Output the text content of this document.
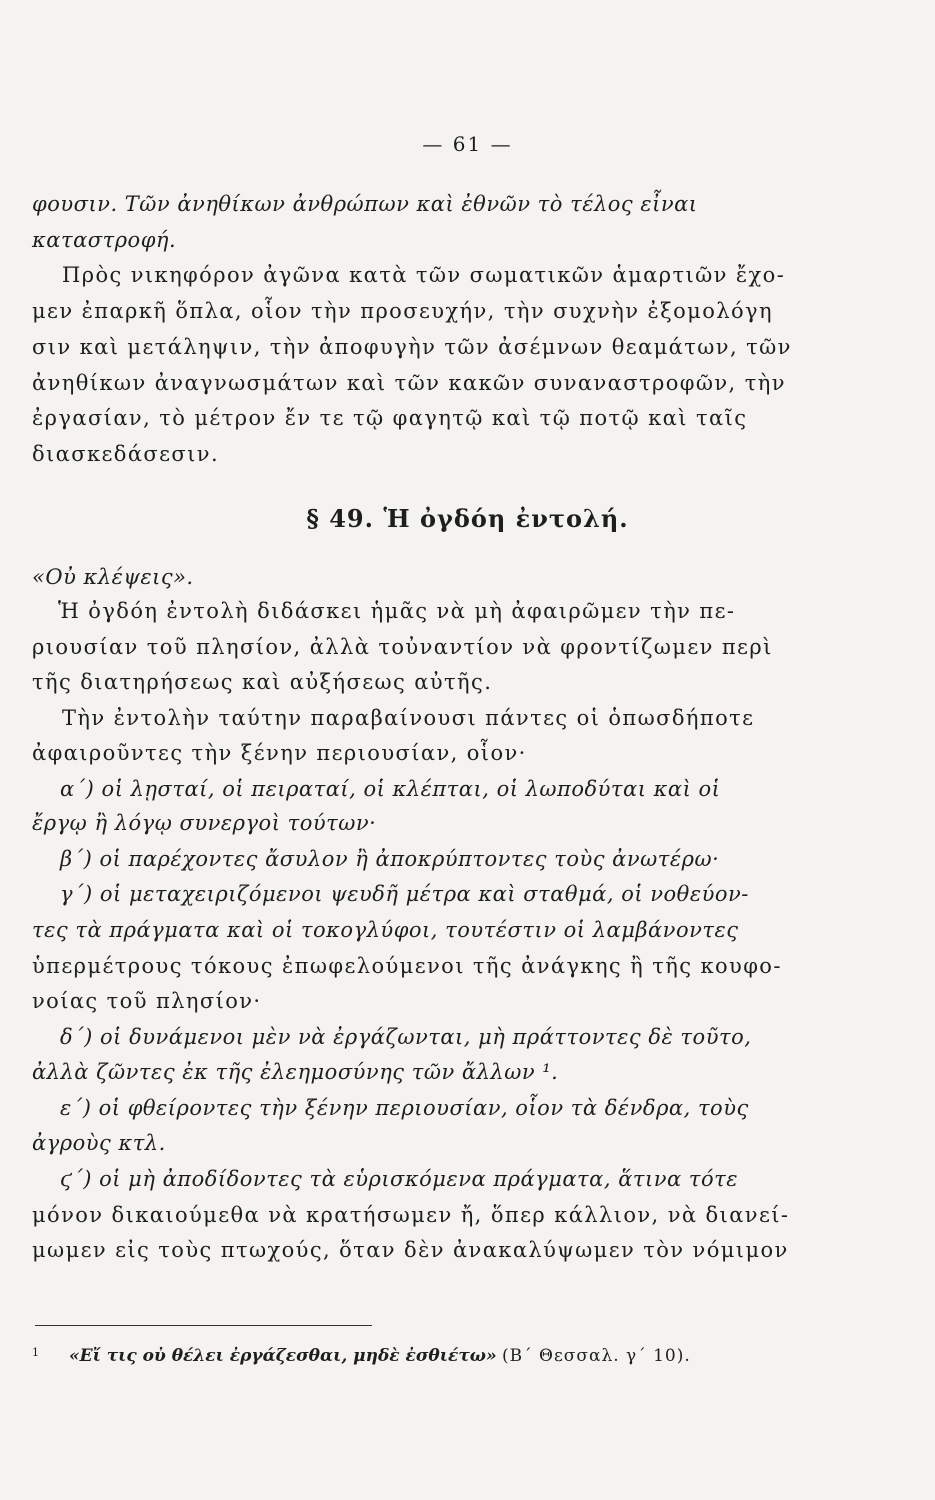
— 61 —
φουσιν. Τῶν ἀνηθίκων ἀνθρώπων καὶ ἐθνῶν τὸ τέλος εἶναι
καταστροφή.
Πρὸς νικηφόρον ἀγῶνα κατὰ τῶν σωματικῶν ἁμαρτιῶν ἔχο-
μεν ἐπαρκῆ ὅπλα, οἷον τὴν προσευχήν, τὴν συχνὴν ἐξομολόγη
σιν καὶ μετάληψιν, τὴν ἀποφυγὴν τῶν ἀσέμνων θεαμάτων, τῶν
ἀνηθίκων ἀναγνωσμάτων καὶ τῶν κακῶν συναναστροφῶν, τὴν
ἐργασίαν, τὸ μέτρον ἔν τε τῷ φαγητῷ καὶ τῷ ποτῷ καὶ ταῖς
διασκεδάσεσιν.
§ 49. Ἡ ὀγδόη ἐντολή.
«Οὐ κλέψεις».
Ἡ ὀγδόη ἐντολὴ διδάσκει ἡμᾶς νὰ μὴ ἀφαιρῶμεν τὴν πε-
ριουσίαν τοῦ πλησίον, ἀλλὰ τοὐναντίον νὰ φροντίζωμεν περὶ
τῆς διατηρήσεως καὶ αὐξήσεως αὐτῆς.
Τὴν ἐντολὴν ταύτην παραβαίνουσι πάντες οἱ ὁπωσδήποτε
ἀφαιροῦντες τὴν ξένην περιουσίαν, οἷον·
α΄) οἱ λῃσταί, οἱ πειραταί, οἱ κλέπται, οἱ λωποδύται καὶ οἱ
ἔργῳ ἢ λόγῳ συνεργοὶ τούτων·
β΄) οἱ παρέχοντες ἄσυλον ἢ ἀποκρύπτοντες τοὺς ἀνωτέρω·
γ΄) οἱ μεταχειριζόμενοι ψευδῆ μέτρα καὶ σταθμά, οἱ νοθεύον-
τες τὰ πράγματα καὶ οἱ τοκογλύφοι, τουτέστιν οἱ λαμβάνοντες
ὑπερμέτρους τόκους ἐπωφελούμενοι τῆς ἀνάγκης ἢ τῆς κουφο-
νοίας τοῦ πλησίον·
δ΄) οἱ δυνάμενοι μὲν νὰ ἐργάζωνται, μὴ πράττοντες δὲ τοῦτο,
ἀλλὰ ζῶντες ἐκ τῆς ἐλεημοσύνης τῶν ἄλλων ¹.
ε΄) οἱ φθείροντες τὴν ξένην περιουσίαν, οἷον τὰ δένδρα, τοὺς
ἀγροὺς κτλ.
ϛ΄) οἱ μὴ ἀποδίδοντες τὰ εὑρισκόμενα πράγματα, ἅτινα τότε
μόνον δικαιούμεθα νὰ κρατήσωμεν ἤ, ὅπερ κάλλιον, νὰ διανεί-
μωμεν εἰς τοὺς πτωχούς, ὅταν δὲν ἀνακαλύψωμεν τὸν νόμιμον
$^1$ «Εἴ τις οὐ θέλει ἐργάζεσθαι, μηδὲ ἐσθιέτω» (Β΄ Θεσσαλ. γ΄ 10).
